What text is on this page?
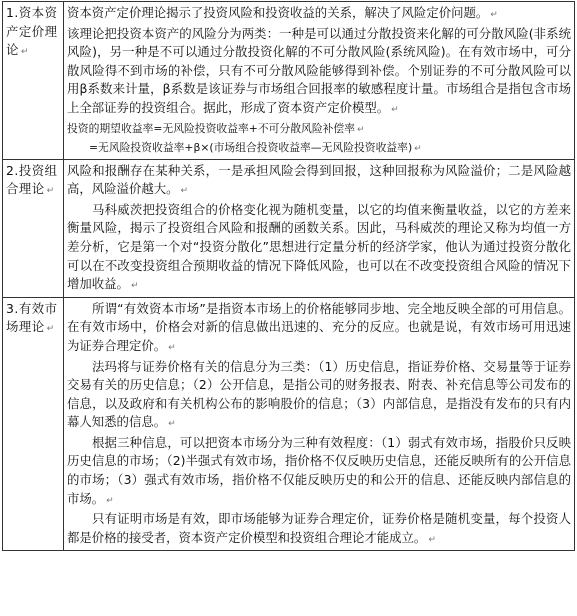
1.资本资产定价理论 ↵	资本资产定价理论揭示了投资风险和投资收益的关系，解决了风险定价问题。 ↵

该理论把投资本资产的风险分为两类：一种是可以通过分散投资来化解的可分散风险(非系统风险)，另一种是不可以通过分散投资化解的不可分散风险(系统风险)。在有效市场中，可分散风险得不到市场的补偿，只有不可分散风险能够得到补偿。个别证券的不可分散风险可以用β系数来计量，β系数是该证券与市场组合回报率的敏感程度计量。市场组合是指包含市场上全部证券的投资组合。据此，形成了资本资产定价模型。 ↵

投资的期望收益率=无风险投资收益率+不可分散风险补偿率 ↵

=无风险投资收益率+β×(市场组合投资收益率—无风险投资收益率) ↵

2.投资组合理论 ↵	风险和报酬存在某种关系，一是承担风险会得到回报，这种回报称为风险溢价；二是风险越高，风险溢价越大。 ↵

马科威茨把投资组合的价格变化视为随机变量，以它的均值来衡量收益，以它的方差来衡量风险，揭示了投资组合风险和报酬的函数关系。因此，马科威茨的理论又称为均值一方差分析，它是第一个对“投资分散化”思想进行定量分析的经济学家，他认为通过投资分散化可以在不改变投资组合预期收益的情况下降低风险，也可以在不改变投资组合风险的情况下增加收益。 ↵

3.有效市场理论 ↵	所谓“有效资本市场”是指资本市场上的价格能够同步地、完全地反映全部的可用信息。在有效市场中，价格会对新的信息做出迅速的、充分的反应。也就是说，有效市场可用迅速为证券合理定价。 ↵

法玛将与证券价格有关的信息分为三类：（1）历史信息，指证券价格、交易量等于证券交易有关的历史信息；（2）公开信息，是指公司的财务报表、附表、补充信息等公司发布的信息，以及政府和有关机构公布的影响股价的信息；（3）内部信息，是指没有发布的只有内幕人知悉的信息。 ↵

根据三种信息，可以把资本市场分为三种有效程度：（1）弱式有效市场，指股价只反映历史信息的市场；（2)半强式有效市场，指价格不仅反映历史信息，还能反映所有的公开信息的市场；（3）强式有效市场，指价格不仅能反映历史的和公开的信息、还能反映内部信息的市场。 ↵

只有证明市场是有效，即市场能够为证券合理定价，证券价格是随机变量，每个投资人都是价格的接受者，资本资产定价模型和投资组合理论才能成立。 ↵
